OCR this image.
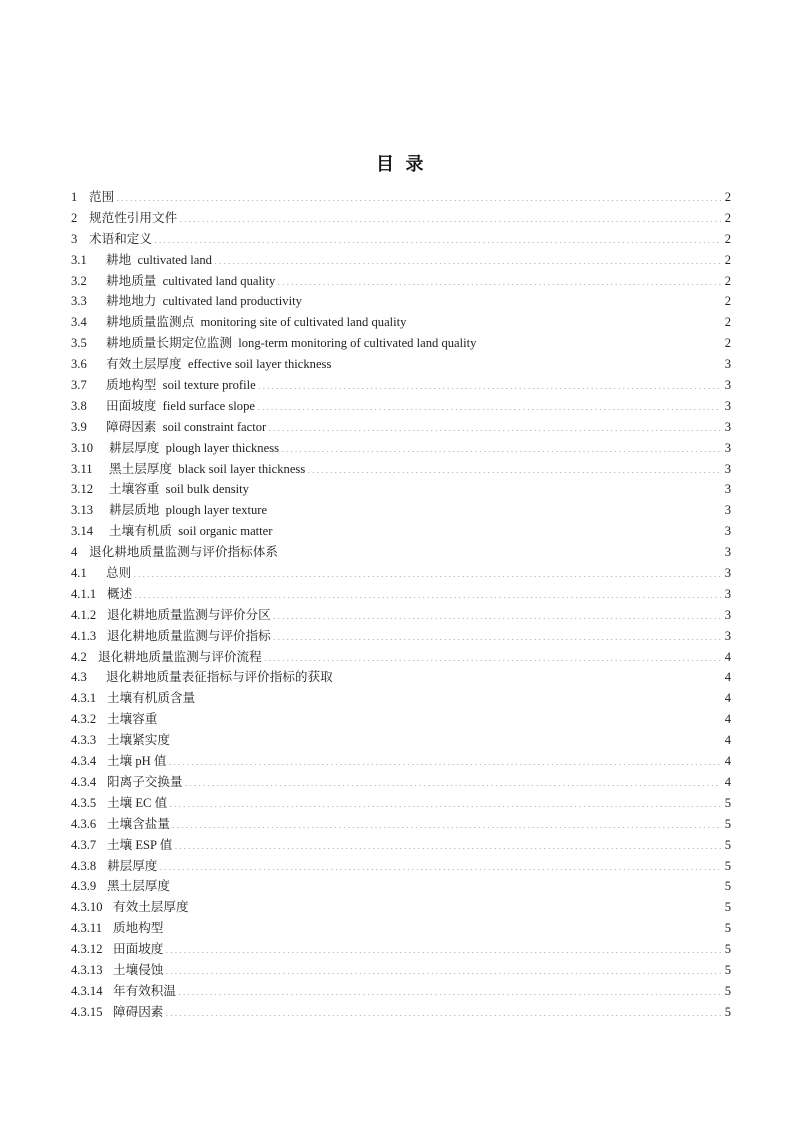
目  录
1 范围 .....	2
2 规范性引用文件 .....	2
3 术语和定义 .....	2
3.1	耕地  cultivated land .....	2
3.2	耕地质量  cultivated land quality .....	2
3.3	耕地地力  cultivated land productivity .....	2
3.4	耕地质量监测点  monitoring site of cultivated land quality .....	2
3.5	耕地质量长期定位监测  long-term monitoring of cultivated land quality .....	2
3.6	有效土层厚度  effective soil layer thickness .....	3
3.7	质地构型  soil texture profile .....	3
3.8	田面坡度  field surface slope .....	3
3.9	障碍因素  soil constraint factor .....	3
3.10	耕层厚度  plough layer thickness .....	3
3.11	黑土层厚度  black soil layer thickness .....	3
3.12	土壤容重  soil bulk density .....	3
3.13	耕层质地  plough layer texture .....	3
3.14	土壤有机质  soil organic matter .....	3
4 退化耕地质量监测与评价指标体系 .....	3
4.1	总则 .....	3
4.1.1 概述 .....	3
4.1.2 退化耕地质量监测与评价分区 .....	3
4.1.3 退化耕地质量监测与评价指标 .....	3
4.2 退化耕地质量监测与评价流程 .....	4
4.3	退化耕地质量表征指标与评价指标的获取 .....	4
4.3.1 土壤有机质含量 .....	4
4.3.2 土壤容重 .....	4
4.3.3 土壤紧实度 .....	4
4.3.4 土壤 pH 值 .....	4
4.3.4 阳离子交换量 .....	4
4.3.5 土壤 EC 值 .....	5
4.3.6 土壤含盐量 .....	5
4.3.7 土壤 ESP 值 .....	5
4.3.8 耕层厚度 .....	5
4.3.9 黑土层厚度 .....	5
4.3.10 有效土层厚度 .....	5
4.3.11 质地构型 .....	5
4.3.12 田面坡度 .....	5
4.3.13 土壤侵蚀 .....	5
4.3.14 年有效积温 .....	5
4.3.15 障碍因素 .....	5
